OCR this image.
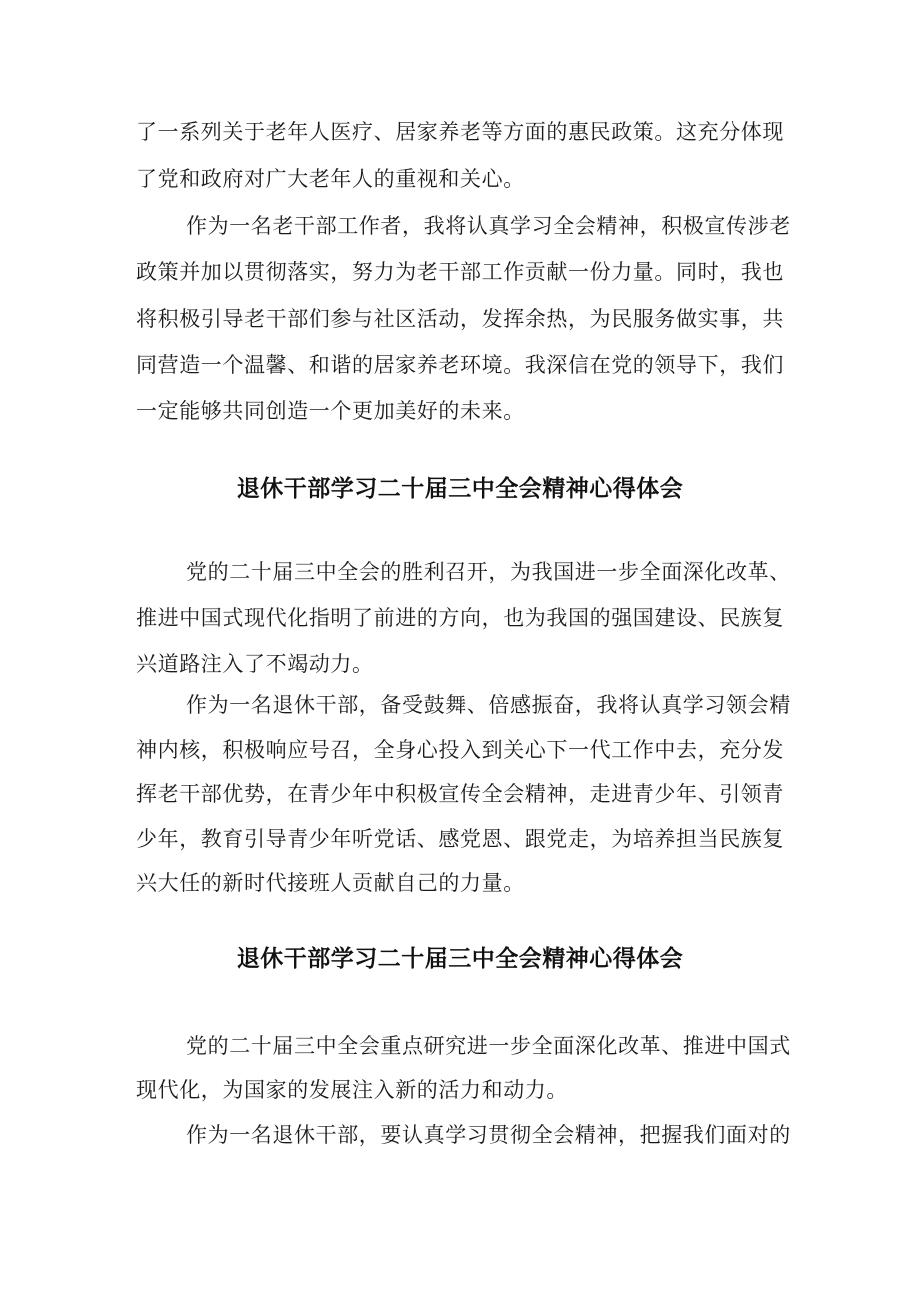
了一系列关于老年人医疗、居家养老等方面的惠民政策。这充分体现

了党和政府对广大老年人的重视和关心。

作为一名老干部工作者，我将认真学习全会精神，积极宣传涉老

政策并加以贯彻落实，努力为老干部工作贡献一份力量。同时，我也

将积极引导老干部们参与社区活动，发挥余热，为民服务做实事，共

同营造一个温馨、和谐的居家养老环境。我深信在党的领导下，我们

一定能够共同创造一个更加美好的未来。

退休干部学习二十届三中全会精神心得体会

党的二十届三中全会的胜利召开，为我国进一步全面深化改革、

推进中国式现代化指明了前进的方向，也为我国的强国建设、民族复

兴道路注入了不竭动力。

作为一名退休干部，备受鼓舞、倍感振奋，我将认真学习领会精

神内核，积极响应号召，全身心投入到关心下一代工作中去，充分发

挥老干部优势，在青少年中积极宣传全会精神，走进青少年、引领青

少年，教育引导青少年听党话、感党恩、跟党走，为培养担当民族复

兴大任的新时代接班人贡献自己的力量。

退休干部学习二十届三中全会精神心得体会

党的二十届三中全会重点研究进一步全面深化改革、推进中国式

现代化，为国家的发展注入新的活力和动力。

作为一名退休干部，要认真学习贯彻全会精神，把握我们面对的
